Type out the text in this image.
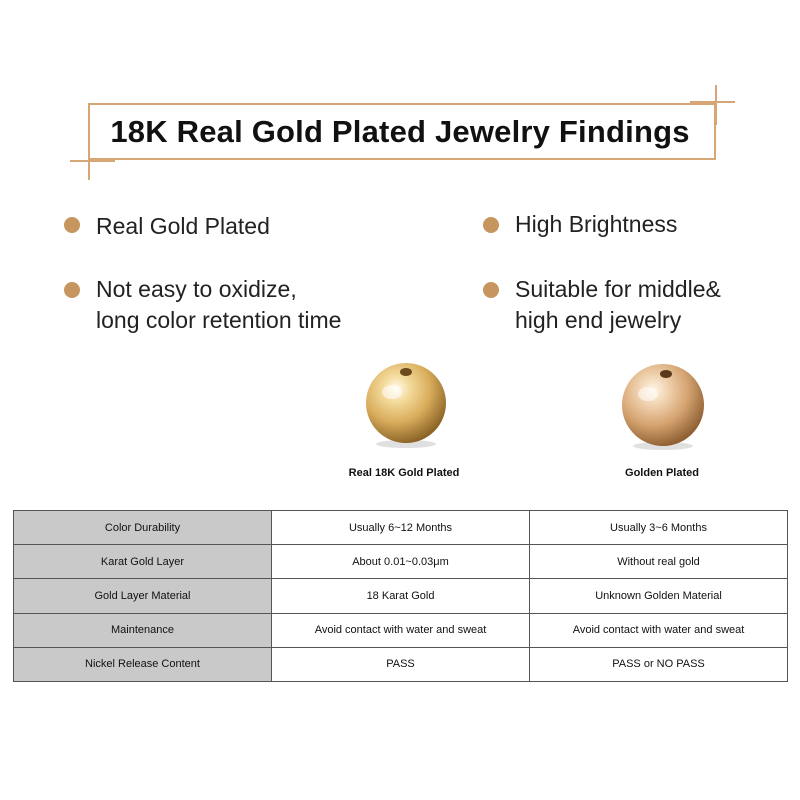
18K Real Gold Plated Jewelry Findings
Real Gold Plated	High Brightness
Not easy to oxidize,
long color retention time
Suitable for middle&
high end jewelry
Real 18K Gold Plated	Golden Plated
Color Durability	Usually 6~12 Months	Usually 3~6 Months
Karat Gold Layer	About 0.01~0.03μm	Without real gold
Gold Layer Material	18 Karat Gold	Unknown Golden Material
Maintenance	Avoid contact with water and sweat	Avoid contact with water and sweat
Nickel Release Content	PASS	PASS or NO PASS
